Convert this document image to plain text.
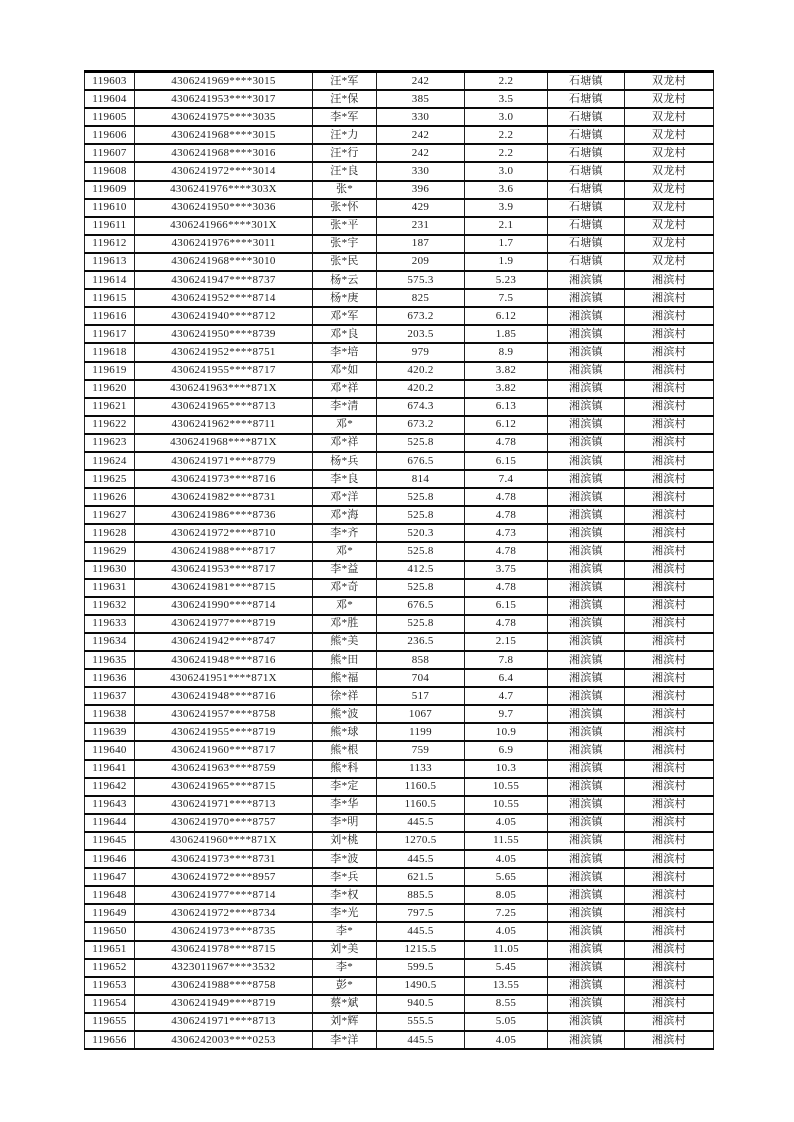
119603	4306241969****3015	汪*军	242	2.2	石塘镇	双龙村
119604	4306241953****3017	汪*保	385	3.5	石塘镇	双龙村
119605	4306241975****3035	李*军	330	3.0	石塘镇	双龙村
119606	4306241968****3015	汪*力	242	2.2	石塘镇	双龙村
119607	4306241968****3016	汪*行	242	2.2	石塘镇	双龙村
119608	4306241972****3014	汪*良	330	3.0	石塘镇	双龙村
119609	4306241976****303X	张*	396	3.6	石塘镇	双龙村
119610	4306241950****3036	张*怀	429	3.9	石塘镇	双龙村
119611	4306241966****301X	张*平	231	2.1	石塘镇	双龙村
119612	4306241976****3011	张*宇	187	1.7	石塘镇	双龙村
119613	4306241968****3010	张*民	209	1.9	石塘镇	双龙村
119614	4306241947****8737	杨*云	575.3	5.23	湘滨镇	湘滨村
119615	4306241952****8714	杨*庚	825	7.5	湘滨镇	湘滨村
119616	4306241940****8712	邓*军	673.2	6.12	湘滨镇	湘滨村
119617	4306241950****8739	邓*良	203.5	1.85	湘滨镇	湘滨村
119618	4306241952****8751	李*培	979	8.9	湘滨镇	湘滨村
119619	4306241955****8717	邓*如	420.2	3.82	湘滨镇	湘滨村
119620	4306241963****871X	邓*祥	420.2	3.82	湘滨镇	湘滨村
119621	4306241965****8713	李*清	674.3	6.13	湘滨镇	湘滨村
119622	4306241962****8711	邓*	673.2	6.12	湘滨镇	湘滨村
119623	4306241968****871X	邓*祥	525.8	4.78	湘滨镇	湘滨村
119624	4306241971****8779	杨*兵	676.5	6.15	湘滨镇	湘滨村
119625	4306241973****8716	李*良	814	7.4	湘滨镇	湘滨村
119626	4306241982****8731	邓*洋	525.8	4.78	湘滨镇	湘滨村
119627	4306241986****8736	邓*海	525.8	4.78	湘滨镇	湘滨村
119628	4306241972****8710	李*齐	520.3	4.73	湘滨镇	湘滨村
119629	4306241988****8717	邓*	525.8	4.78	湘滨镇	湘滨村
119630	4306241953****8717	李*益	412.5	3.75	湘滨镇	湘滨村
119631	4306241981****8715	邓*奇	525.8	4.78	湘滨镇	湘滨村
119632	4306241990****8714	邓*	676.5	6.15	湘滨镇	湘滨村
119633	4306241977****8719	邓*胜	525.8	4.78	湘滨镇	湘滨村
119634	4306241942****8747	熊*美	236.5	2.15	湘滨镇	湘滨村
119635	4306241948****8716	熊*田	858	7.8	湘滨镇	湘滨村
119636	4306241951****871X	熊*福	704	6.4	湘滨镇	湘滨村
119637	4306241948****8716	徐*祥	517	4.7	湘滨镇	湘滨村
119638	4306241957****8758	熊*波	1067	9.7	湘滨镇	湘滨村
119639	4306241955****8719	熊*球	1199	10.9	湘滨镇	湘滨村
119640	4306241960****8717	熊*根	759	6.9	湘滨镇	湘滨村
119641	4306241963****8759	熊*科	1133	10.3	湘滨镇	湘滨村
119642	4306241965****8715	李*定	1160.5	10.55	湘滨镇	湘滨村
119643	4306241971****8713	李*华	1160.5	10.55	湘滨镇	湘滨村
119644	4306241970****8757	李*明	445.5	4.05	湘滨镇	湘滨村
119645	4306241960****871X	刘*桃	1270.5	11.55	湘滨镇	湘滨村
119646	4306241973****8731	李*波	445.5	4.05	湘滨镇	湘滨村
119647	4306241972****8957	李*兵	621.5	5.65	湘滨镇	湘滨村
119648	4306241977****8714	李*权	885.5	8.05	湘滨镇	湘滨村
119649	4306241972****8734	李*光	797.5	7.25	湘滨镇	湘滨村
119650	4306241973****8735	李*	445.5	4.05	湘滨镇	湘滨村
119651	4306241978****8715	刘*美	1215.5	11.05	湘滨镇	湘滨村
119652	4323011967****3532	李*	599.5	5.45	湘滨镇	湘滨村
119653	4306241988****8758	彭*	1490.5	13.55	湘滨镇	湘滨村
119654	4306241949****8719	蔡*斌	940.5	8.55	湘滨镇	湘滨村
119655	4306241971****8713	刘*辉	555.5	5.05	湘滨镇	湘滨村
119656	4306242003****0253	李*洋	445.5	4.05	湘滨镇	湘滨村
